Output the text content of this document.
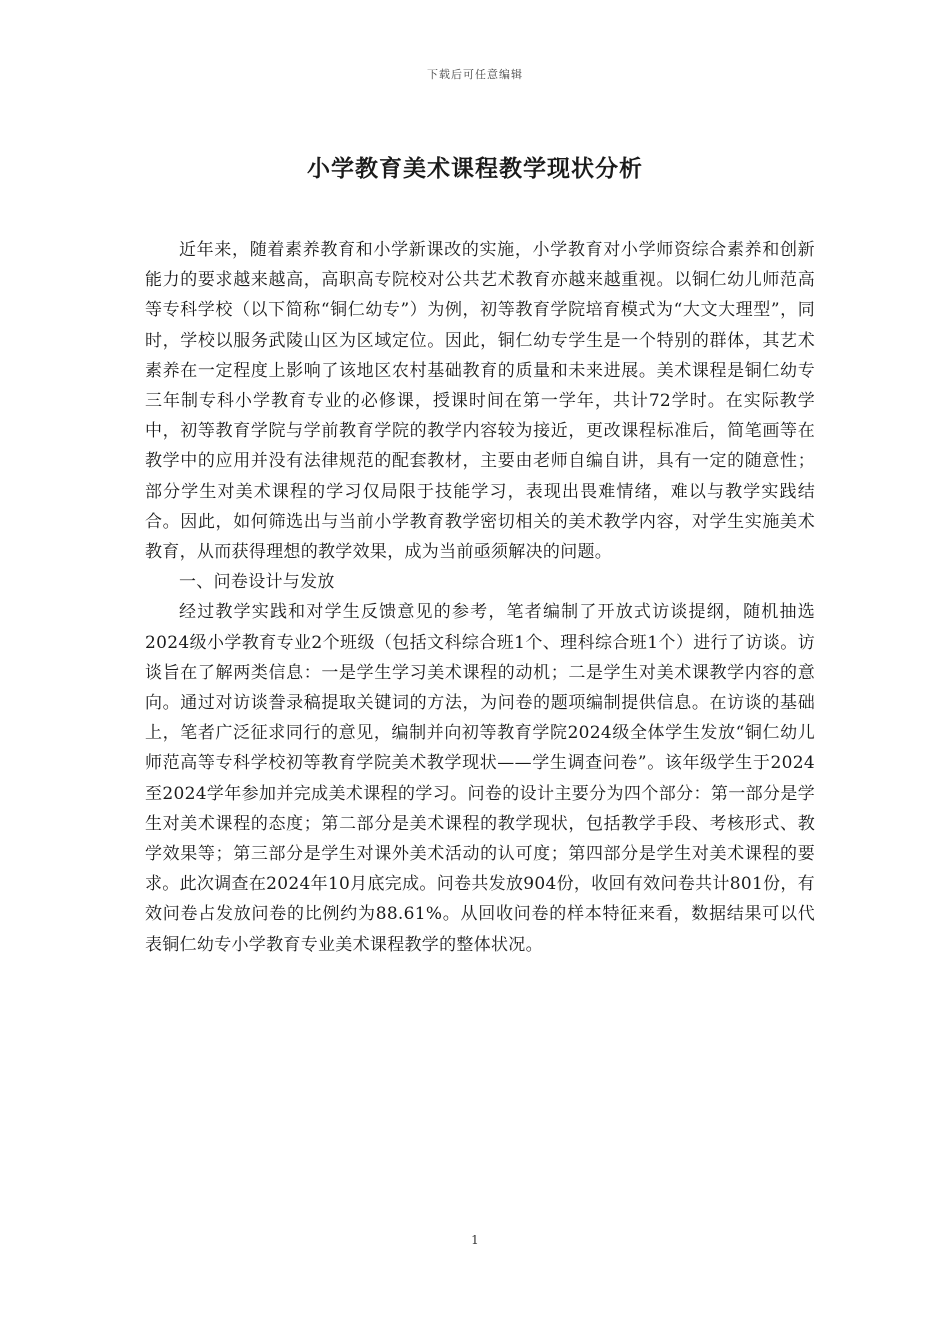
下载后可任意编辑
小学教育美术课程教学现状分析

近年来，随着素养教育和小学新课改的实施，小学教育对小学师资综合素养和创新能力的要求越来越高，高职高专院校对公共艺术教育亦越来越重视。以铜仁幼儿师范高等专科学校（以下简称“铜仁幼专”）为例，初等教育学院培育模式为“大文大理型”，同时，学校以服务武陵山区为区域定位。因此，铜仁幼专学生是一个特别的群体，其艺术素养在一定程度上影响了该地区农村基础教育的质量和未来进展。美术课程是铜仁幼专三年制专科小学教育专业的必修课，授课时间在第一学年，共计72学时。在实际教学中，初等教育学院与学前教育学院的教学内容较为接近，更改课程标准后，简笔画等在教学中的应用并没有法律规范的配套教材，主要由老师自编自讲，具有一定的随意性；部分学生对美术课程的学习仅局限于技能学习，表现出畏难情绪，难以与教学实践结合。因此，如何筛选出与当前小学教育教学密切相关的美术教学内容，对学生实施美术教育，从而获得理想的教学效果，成为当前亟须解决的问题。

一、问卷设计与发放

经过教学实践和对学生反馈意见的参考，笔者编制了开放式访谈提纲，随机抽选2024级小学教育专业2个班级（包括文科综合班1个、理科综合班1个）进行了访谈。访谈旨在了解两类信息：一是学生学习美术课程的动机；二是学生对美术课教学内容的意向。通过对访谈誊录稿提取关键词的方法，为问卷的题项编制提供信息。在访谈的基础上，笔者广泛征求同行的意见，编制并向初等教育学院2024级全体学生发放“铜仁幼儿师范高等专科学校初等教育学院美术教学现状——学生调查问卷”。该年级学生于2024至2024学年参加并完成美术课程的学习。问卷的设计主要分为四个部分：第一部分是学生对美术课程的态度；第二部分是美术课程的教学现状，包括教学手段、考核形式、教学效果等；第三部分是学生对课外美术活动的认可度；第四部分是学生对美术课程的要求。此次调查在2024年10月底完成。问卷共发放904份，收回有效问卷共计801份，有效问卷占发放问卷的比例约为88.61%。从回收问卷的样本特征来看，数据结果可以代表铜仁幼专小学教育专业美术课程教学的整体状况。

1
